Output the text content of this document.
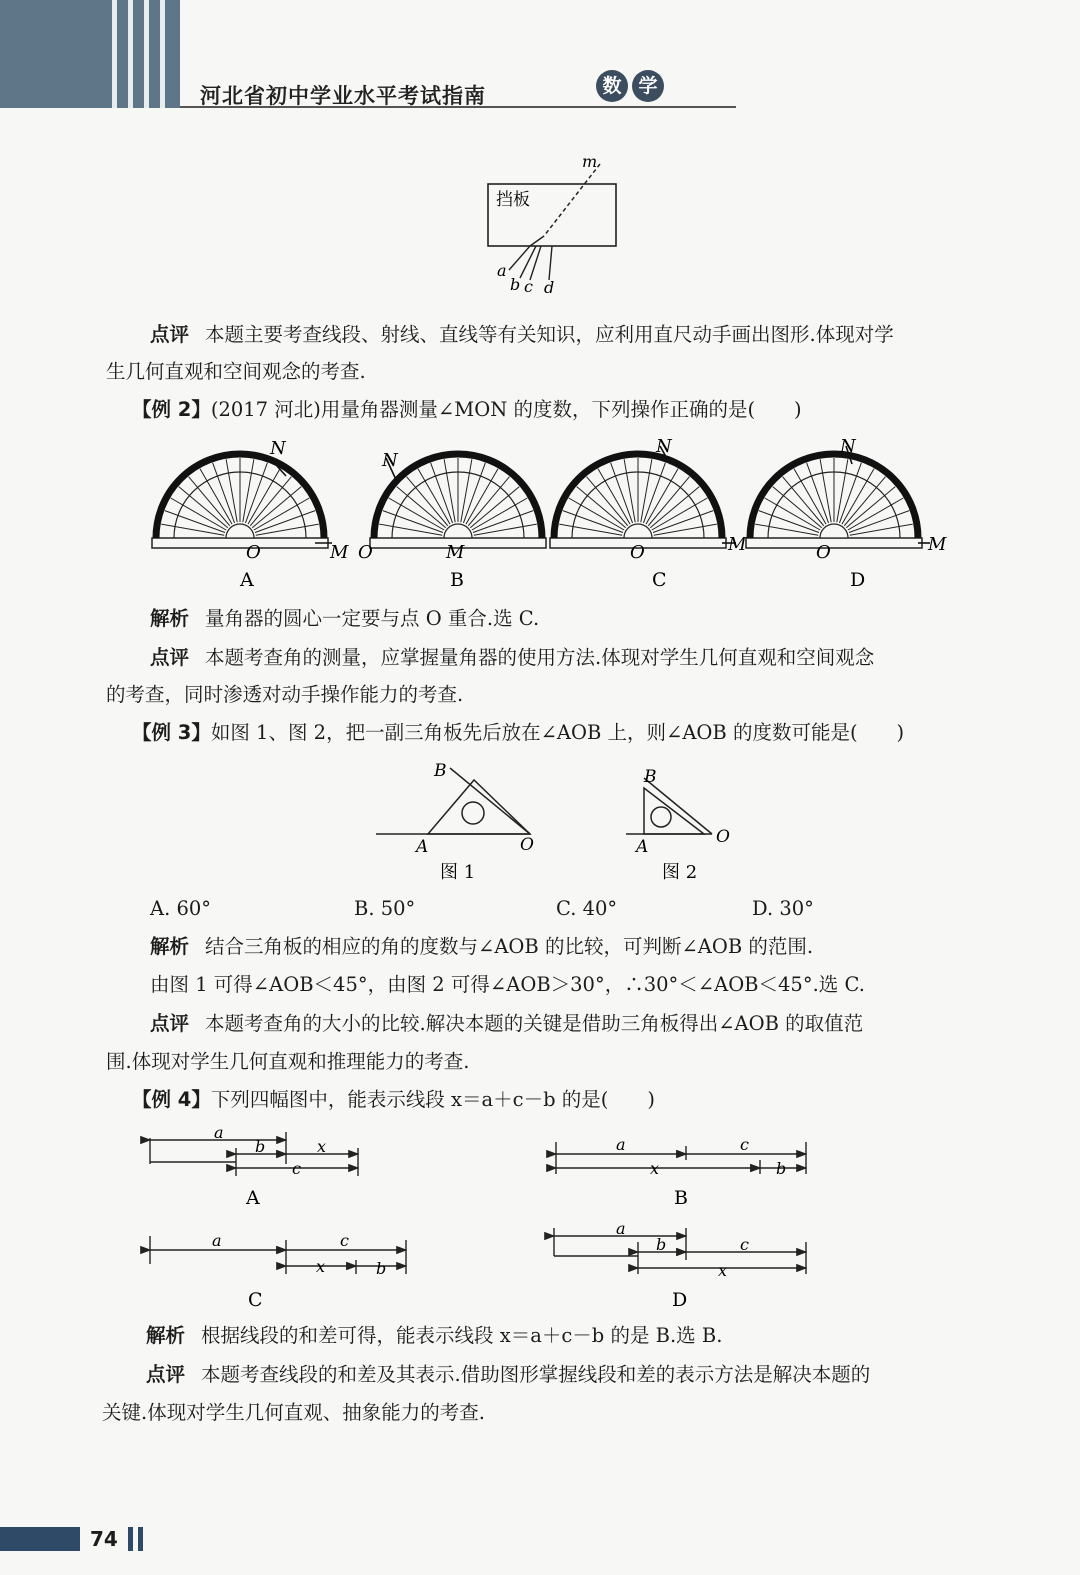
河北省初中学业水平考试指南	数 学
挡板
m
a
b c d

点评 本题主要考查线段、射线、直线等有关知识，应利用直尺动手画出图形.体现对学

生几何直观和空间观念的考查.

【例 2】(2017 河北)用量角器测量∠MON 的度数，下列操作正确的是(　　)

N
O	M
A
N
O	M
B
N
O	M
C
N
O	M
D

解析 量角器的圆心一定要与点 O 重合.选 C.

点评 本题考查角的测量，应掌握量角器的使用方法.体现对学生几何直观和空间观念

的考查，同时渗透对动手操作能力的考查.

【例 3】如图 1、图 2，把一副三角板先后放在∠AOB 上，则∠AOB 的度数可能是(　　)

B
A	O
图 1
B
A	O
图 2

A. 60°	B. 50°	C. 40°	D. 30°

解析 结合三角板的相应的角的度数与∠AOB 的比较，可判断∠AOB 的范围.

由图 1 可得∠AOB＜45°，由图 2 可得∠AOB＞30°，∴30°＜∠AOB＜45°.选 C.

点评 本题考查角的大小的比较.解决本题的关键是借助三角板得出∠AOB 的取值范

围.体现对学生几何直观和推理能力的考查.

【例 4】下列四幅图中，能表示线段 x＝a＋c－b 的是(　　)

a
b	x
c
A
a	c
x	b
B
a	c
x	b
C
a
b	c
x
D

解析 根据线段的和差可得，能表示线段 x＝a＋c－b 的是 B.选 B.

点评 本题考查线段的和差及其表示.借助图形掌握线段和差的表示方法是解决本题的

关键.体现对学生几何直观、抽象能力的考查.

74
